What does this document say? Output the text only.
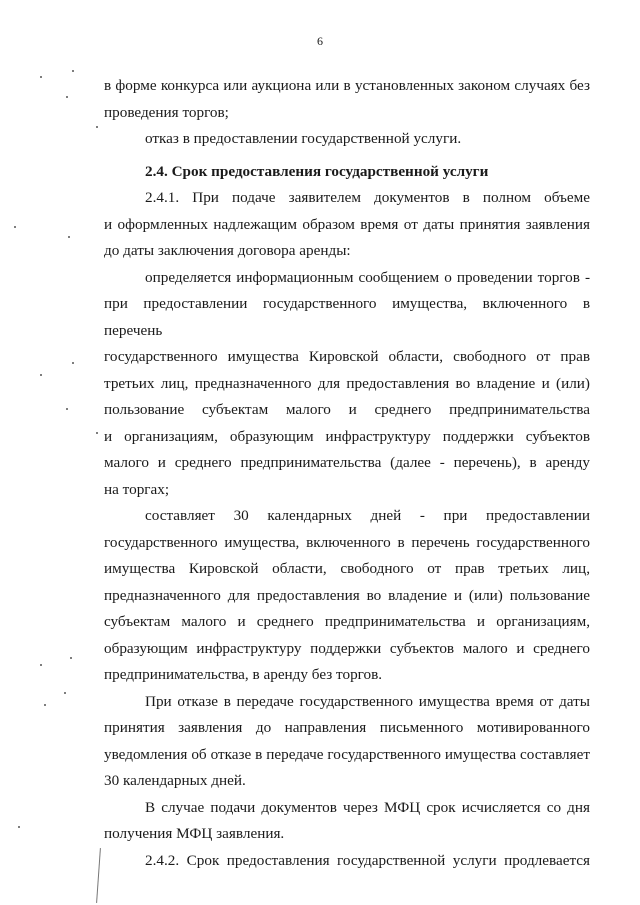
6

в форме конкурса или аукциона или в установленных законом случаях без

проведения торгов;

отказ в предоставлении государственной услуги.

2.4. Срок предоставления государственной услуги

2.4.1. При подаче заявителем документов в полном объеме

и оформленных надлежащим образом время от даты принятия заявления

до даты заключения договора аренды:

определяется информационным сообщением о проведении торгов -

при предоставлении государственного имущества, включенного в перечень

государственного имущества Кировской области, свободного от прав

третьих лиц, предназначенного для предоставления во владение и (или)

пользование субъектам малого и среднего предпринимательства

и организациям, образующим инфраструктуру поддержки субъектов

малого и среднего предпринимательства (далее - перечень), в аренду

на торгах;

составляет 30 календарных дней - при предоставлении

государственного имущества, включенного в перечень государственного

имущества Кировской области, свободного от прав третьих лиц,

предназначенного для предоставления во владение и (или) пользование

субъектам малого и среднего предпринимательства и организациям,

образующим инфраструктуру поддержки субъектов малого и среднего

предпринимательства, в аренду без торгов.

При отказе в передаче государственного имущества время от даты

принятия заявления до направления письменного мотивированного

уведомления об отказе в передаче государственного имущества составляет

30 календарных дней.

В случае подачи документов через МФЦ срок исчисляется со дня

получения МФЦ заявления.

2.4.2. Срок предоставления государственной услуги продлевается
